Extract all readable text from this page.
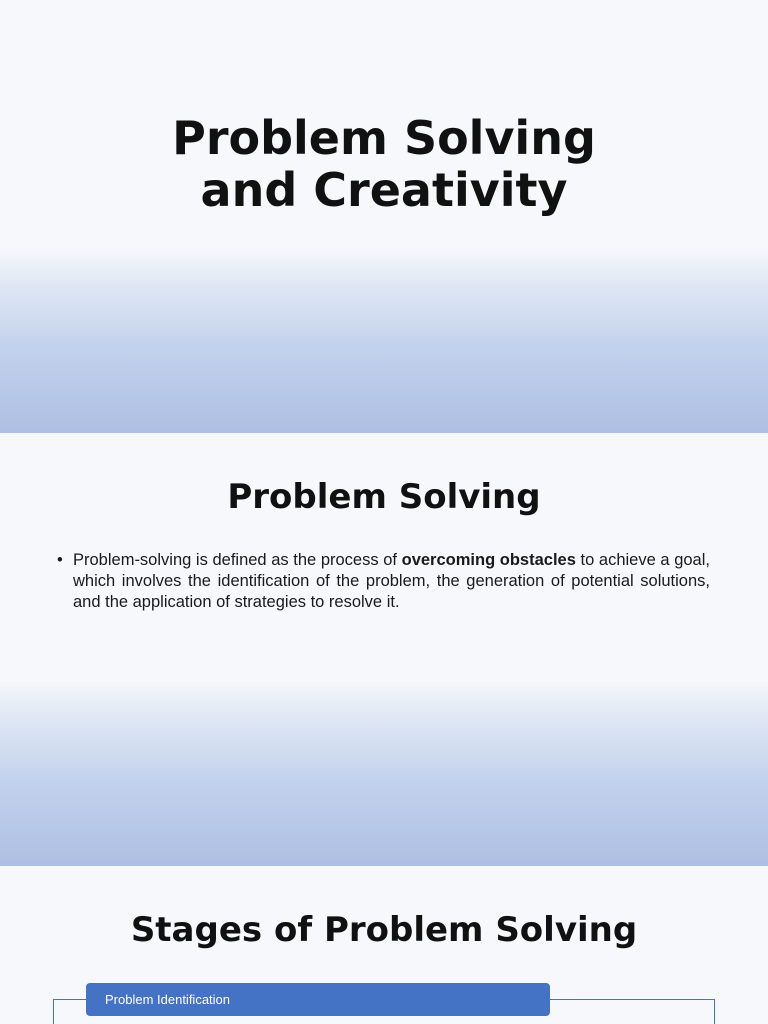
Problem Solving and Creativity
Problem Solving
• Problem-solving is defined as the process of overcoming obstacles to achieve a goal, which involves the identification of the problem, the generation of potential solutions, and the application of strategies to resolve it.
Stages of Problem Solving
Problem Identification
